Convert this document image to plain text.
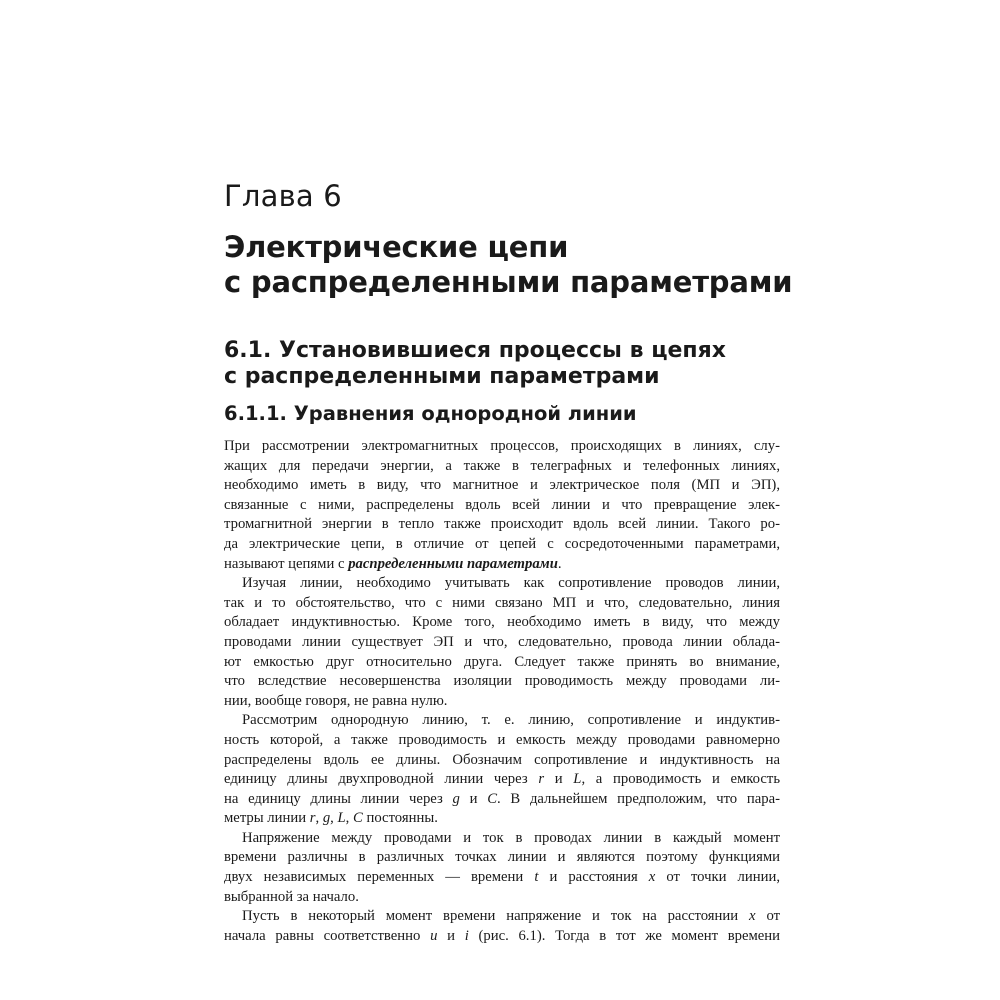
Глава 6
Электрические цепи
с распределенными параметрами
6.1. Установившиеся процессы в цепях
с распределенными параметрами
6.1.1. Уравнения однородной линии
При рассмотрении электромагнитных процессов, происходящих в линиях, слу-
жащих для передачи энергии, а также в телеграфных и телефонных линиях,
необходимо иметь в виду, что магнитное и электрическое поля (МП и ЭП),
связанные с ними, распределены вдоль всей линии и что превращение элек-
тромагнитной энергии в тепло также происходит вдоль всей линии. Такого ро-
да электрические цепи, в отличие от цепей с сосредоточенными параметрами,
называют цепями с распределенными параметрами.
Изучая линии, необходимо учитывать как сопротивление проводов линии,
так и то обстоятельство, что с ними связано МП и что, следовательно, линия
обладает индуктивностью. Кроме того, необходимо иметь в виду, что между
проводами линии существует ЭП и что, следовательно, провода линии облада-
ют емкостью друг относительно друга. Следует также принять во внимание,
что вследствие несовершенства изоляции проводимость между проводами ли-
нии, вообще говоря, не равна нулю.
Рассмотрим однородную линию, т. е. линию, сопротивление и индуктив-
ность которой, а также проводимость и емкость между проводами равномерно
распределены вдоль ее длины. Обозначим сопротивление и индуктивность на
единицу длины двухпроводной линии через r и L, а проводимость и емкость
на единицу длины линии через g и C. В дальнейшем предположим, что пара-
метры линии r, g, L, C постоянны.
Напряжение между проводами и ток в проводах линии в каждый момент
времени различны в различных точках линии и являются поэтому функциями
двух независимых переменных — времени t и расстояния x от точки линии,
выбранной за начало.
Пусть в некоторый момент времени напряжение и ток на расстоянии x от
начала равны соответственно u и i (рис. 6.1). Тогда в тот же момент времени
